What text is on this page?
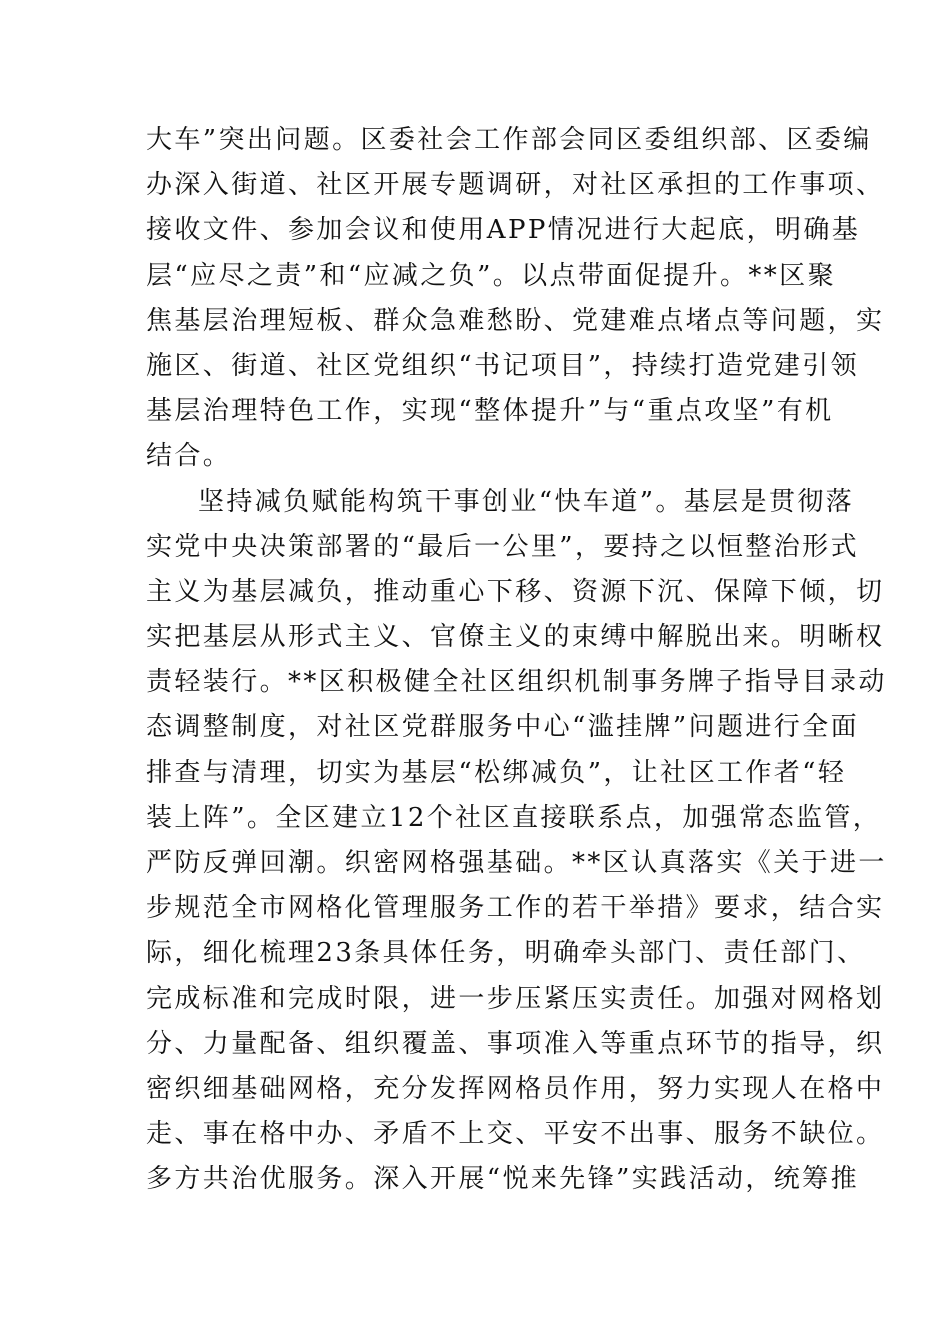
大车”突出问题。区委社会工作部会同区委组织部、区委编
办深入街道、社区开展专题调研，对社区承担的工作事项、
接收文件、参加会议和使用APP情况进行大起底，明确基
层“应尽之责”和“应减之负”。以点带面促提升。**区聚
焦基层治理短板、群众急难愁盼、党建难点堵点等问题，实
施区、街道、社区党组织“书记项目”，持续打造党建引领
基层治理特色工作，实现“整体提升”与“重点攻坚”有机
结合。
坚持减负赋能构筑干事创业“快车道”。基层是贯彻落
实党中央决策部署的“最后一公里”，要持之以恒整治形式
主义为基层减负，推动重心下移、资源下沉、保障下倾，切
实把基层从形式主义、官僚主义的束缚中解脱出来。明晰权
责轻装行。**区积极健全社区组织机制事务牌子指导目录动
态调整制度，对社区党群服务中心“滥挂牌”问题进行全面
排查与清理，切实为基层“松绑减负”，让社区工作者“轻
装上阵”。全区建立12个社区直接联系点，加强常态监管，
严防反弹回潮。织密网格强基础。**区认真落实《关于进一
步规范全市网格化管理服务工作的若干举措》要求，结合实
际，细化梳理23条具体任务，明确牵头部门、责任部门、
完成标准和完成时限，进一步压紧压实责任。加强对网格划
分、力量配备、组织覆盖、事项准入等重点环节的指导，织
密织细基础网格，充分发挥网格员作用，努力实现人在格中
走、事在格中办、矛盾不上交、平安不出事、服务不缺位。
多方共治优服务。深入开展“悦来先锋”实践活动，统筹推
